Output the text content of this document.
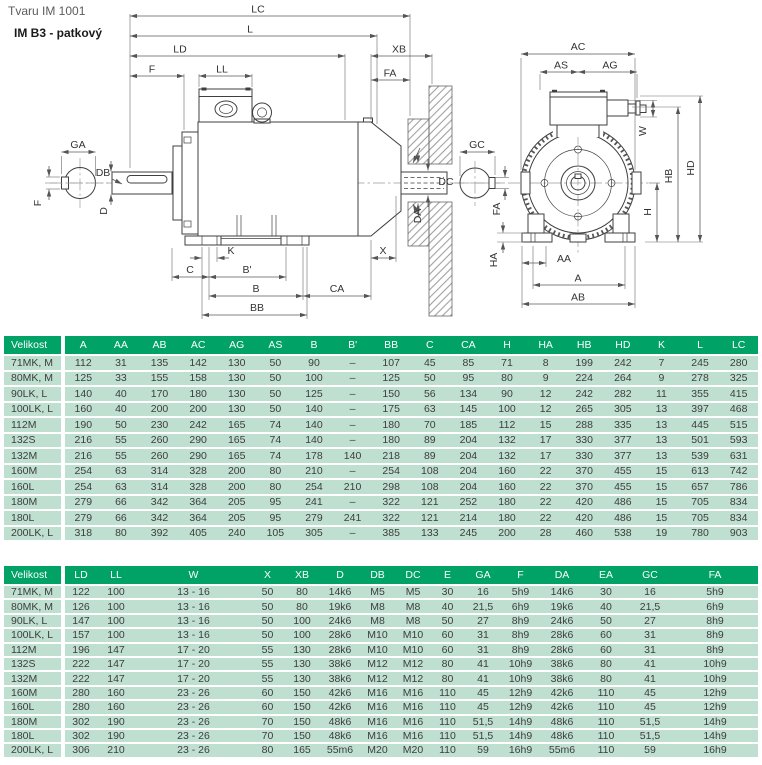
Tvaru IM 1001
IM B3 - patkový
GA
F
D
DB
LC
L
LD
F	LL
XB
FA
K
C	B'
B	CA
BB
X
DC
DA
GC
FA
AC
AS	AG
W
HD
HB
H
HA	AA
A
AB
Velikost	A	AA	AB	AC	AG	AS	B	B'	BB	C	CA	H	HA	HB	HD	K	L	LC
71MK, M	112	31	135	142	130	50	90	–	107	45	85	71	8	199	242	7	245	280
80MK, M	125	33	155	158	130	50	100	–	125	50	95	80	9	224	264	9	278	325
90LK, L	140	40	170	180	130	50	125	–	150	56	134	90	12	242	282	11	355	415
100LK, L	160	40	200	200	130	50	140	–	175	63	145	100	12	265	305	13	397	468
112M	190	50	230	242	165	74	140	–	180	70	185	112	15	288	335	13	445	515
132S	216	55	260	290	165	74	140	–	180	89	204	132	17	330	377	13	501	593
132M	216	55	260	290	165	74	178	140	218	89	204	132	17	330	377	13	539	631
160M	254	63	314	328	200	80	210	–	254	108	204	160	22	370	455	15	613	742
160L	254	63	314	328	200	80	254	210	298	108	204	160	22	370	455	15	657	786
180M	279	66	342	364	205	95	241	–	322	121	252	180	22	420	486	15	705	834
180L	279	66	342	364	205	95	279	241	322	121	214	180	22	420	486	15	705	834
200LK, L	318	80	392	405	240	105	305	–	385	133	245	200	28	460	538	19	780	903
Velikost	LD	LL	W	X	XB	D	DB	DC	E	GA	F	DA	EA	GC	FA
71MK, M	122	100	13 - 16	50	80	14k6	M5	M5	30	16	5h9	14k6	30	16	5h9
80MK, M	126	100	13 - 16	50	80	19k6	M8	M8	40	21,5	6h9	19k6	40	21,5	6h9
90LK, L	147	100	13 - 16	50	100	24k6	M8	M8	50	27	8h9	24k6	50	27	8h9
100LK, L	157	100	13 - 16	50	100	28k6	M10	M10	60	31	8h9	28k6	60	31	8h9
112M	196	147	17 - 20	55	130	28k6	M10	M10	60	31	8h9	28k6	60	31	8h9
132S	222	147	17 - 20	55	130	38k6	M12	M12	80	41	10h9	38k6	80	41	10h9
132M	222	147	17 - 20	55	130	38k6	M12	M12	80	41	10h9	38k6	80	41	10h9
160M	280	160	23 - 26	60	150	42k6	M16	M16	110	45	12h9	42k6	110	45	12h9
160L	280	160	23 - 26	60	150	42k6	M16	M16	110	45	12h9	42k6	110	45	12h9
180M	302	190	23 - 26	70	150	48k6	M16	M16	110	51,5	14h9	48k6	110	51,5	14h9
180L	302	190	23 - 26	70	150	48k6	M16	M16	110	51,5	14h9	48k6	110	51,5	14h9
200LK, L	306	210	23 - 26	80	165	55m6	M20	M20	110	59	16h9	55m6	110	59	16h9
